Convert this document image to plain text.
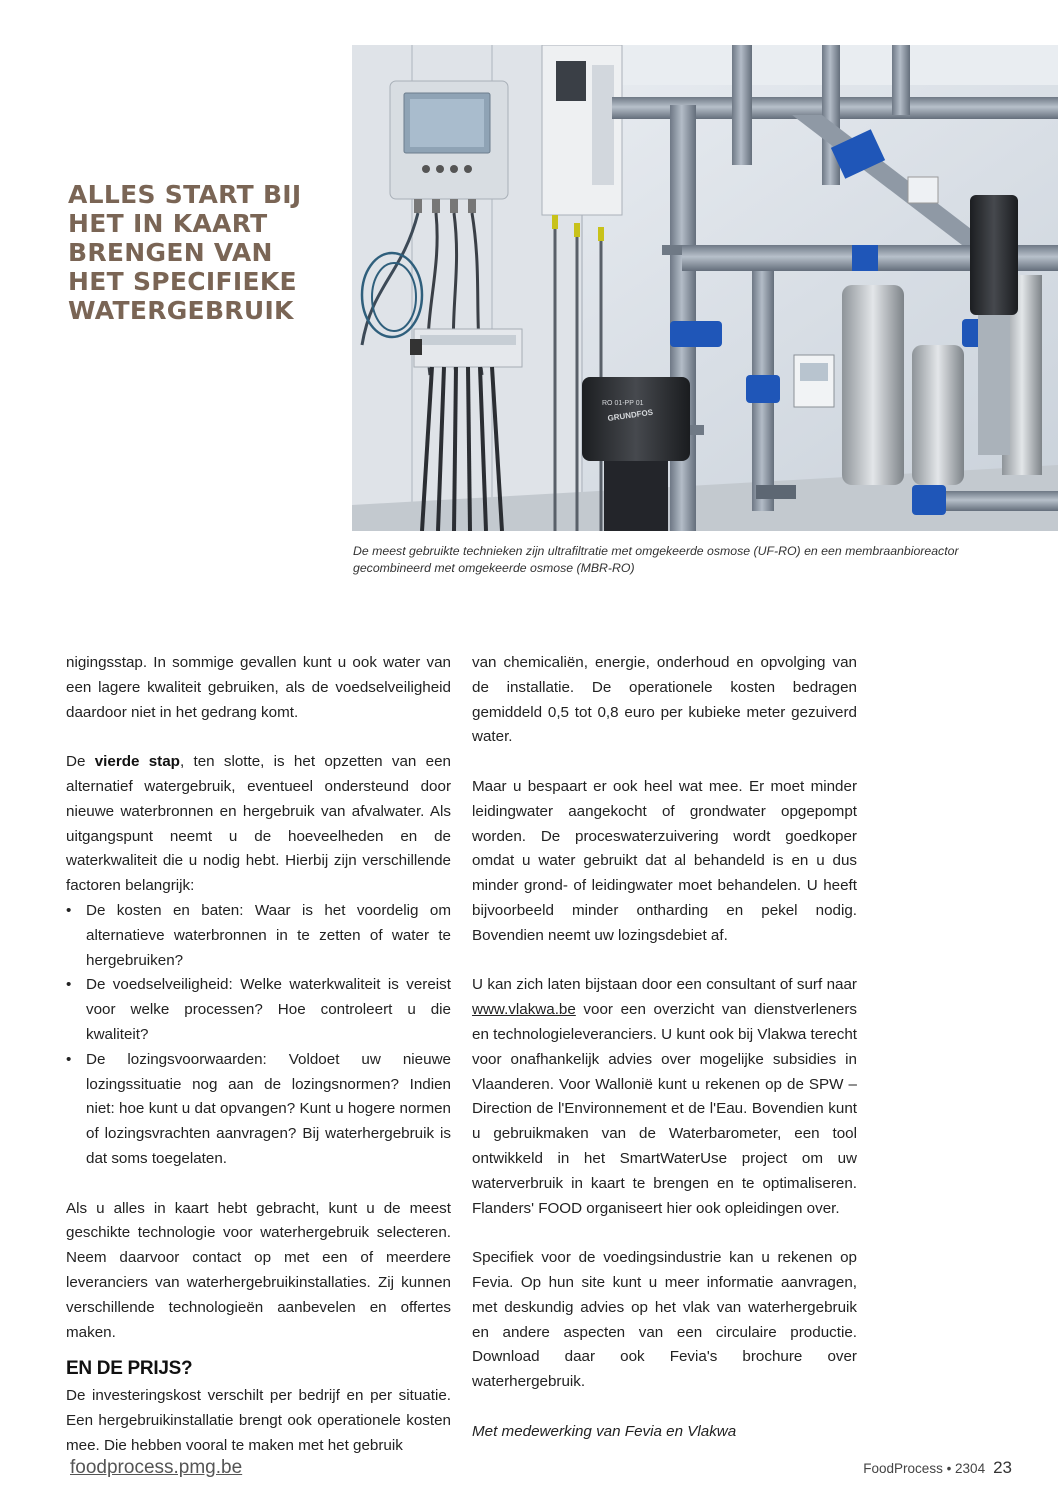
ALLES START BIJ
HET IN KAART
BRENGEN VAN
HET SPECIFIEKE
WATERGEBRUIK
RO 01-PP 01
GRUNDFOS

De meest gebruikte technieken zijn ultrafiltratie met omgekeerde osmose (UF-RO) en een membraanbioreactor
gecombineerd met omgekeerde osmose (MBR-RO)

nigingsstap. In sommige gevallen kunt u ook water van een lagere kwaliteit gebruiken, als de voedselveiligheid daardoor niet in het gedrang komt.

De vierde stap, ten slotte, is het opzetten van een alternatief watergebruik, eventueel ondersteund door nieuwe waterbronnen en hergebruik van afvalwater. Als uitgangspunt neemt u de hoeveelheden en de waterkwaliteit die u nodig hebt. Hierbij zijn verschillende factoren belangrijk:

• De kosten en baten: Waar is het voordelig om alternatieve waterbronnen in te zetten of water te hergebruiken?
• De voedselveiligheid: Welke waterkwaliteit is vereist voor welke processen? Hoe controleert u die kwaliteit?
• De lozingsvoorwaarden: Voldoet uw nieuwe lozingssituatie nog aan de lozingsnormen? Indien niet: hoe kunt u dat opvangen? Kunt u hogere normen of lozingsvrachten aanvragen? Bij waterhergebruik is dat soms toegelaten.

Als u alles in kaart hebt gebracht, kunt u de meest geschikte technologie voor waterhergebruik selecteren. Neem daarvoor contact op met een of meerdere leveranciers van waterhergebruikinstallaties. Zij kunnen verschillende technologieën aanbevelen en offertes maken.

EN DE PRIJS?

De investeringskost verschilt per bedrijf en per situatie. Een hergebruikinstallatie brengt ook operationele kosten mee. Die hebben vooral te maken met het gebruik

van chemicaliën, energie, onderhoud en opvolging van de installatie. De operationele kosten bedragen gemiddeld 0,5 tot 0,8 euro per kubieke meter gezuiverd water.

Maar u bespaart er ook heel wat mee. Er moet minder leidingwater aangekocht of grondwater opgepompt worden. De proceswaterzuivering wordt goedkoper omdat u water gebruikt dat al behandeld is en u dus minder grond- of leidingwater moet behandelen. U heeft bijvoorbeeld minder ontharding en pekel nodig. Bovendien neemt uw lozingsdebiet af.

U kan zich laten bijstaan door een consultant of surf naar www.vlakwa.be voor een overzicht van dienstverleners en technologieleveranciers. U kunt ook bij Vlakwa terecht voor onafhankelijk advies over mogelijke subsidies in Vlaanderen. Voor Wallonië kunt u rekenen op de SPW – Direction de l'Environnement et de l'Eau. Bovendien kunt u gebruikmaken van de Waterbarometer, een tool ontwikkeld in het SmartWaterUse project om uw waterverbruik in kaart te brengen en te optimaliseren. Flanders' FOOD organiseert hier ook opleidingen over.

Specifiek voor de voedingsindustrie kan u rekenen op Fevia. Op hun site kunt u meer informatie aanvragen, met deskundig advies op het vlak van waterhergebruik en andere aspecten van een circulaire productie. Download daar ook Fevia's brochure over waterhergebruik.

Met medewerking van Fevia en Vlakwa

foodprocess.pmg.be	FoodProcess • 2304 23
